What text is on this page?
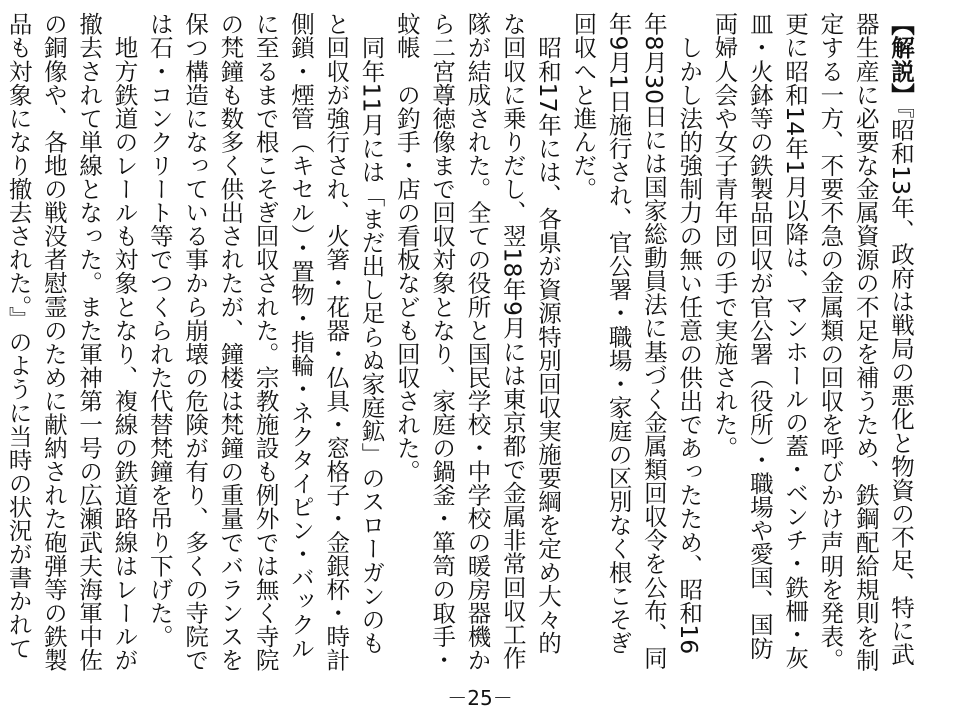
【解説】『昭和13年、政府は戦局の悪化と物資の不足、特に武器生産に必要な金属資源の不足を補うため、鉄鋼配給規則を制定する一方、不要不急の金属類の回収を呼びかけ声明を発表。更に昭和14年1月以降は、マンホールの蓋・ベンチ・鉄柵・灰皿・火鉢等の鉄製品回収が官公署（役所）・職場や愛国、国防両婦人会や女子青年団の手で実施された。

　しかし法的強制力の無い任意の供出であったため、昭和16年8月30日には国家総動員法に基づく金属類回収令を公布、同年9月1日施行され、官公署・職場・家庭の区別なく根こそぎ回収へと進んだ。

　昭和17年には、各県が資源特別回収実施要綱を定め大々的な回収に乗りだし、翌18年9月には東京都で金属非常回収工作隊が結成された。全ての役所と国民学校・中学校の暖房器機から二宮尊徳像まで回収対象となり、家庭の鍋釜・箪笥の取手・蚊帳　の釣手・店の看板なども回収された。

　同年11月には「まだ出し足らぬ家庭鉱」のスローガンのもと回収が強行され、火箸・花器・仏具・窓格子・金銀杯・時計側鎖・煙管（キセル）・置物・指輪・ネクタイピン・バックルに至るまで根こそぎ回収された。宗教施設も例外では無く寺院の梵鐘も数多く供出されたが、鐘楼は梵鐘の重量でバランスを保つ構造になっている事から崩壊の危険が有り、多くの寺院では石・コンクリート等でつくられた代替梵鐘を吊り下げた。

　地方鉄道のレールも対象となり、複線の鉄道路線はレールが撤去されて単線となった。また軍神第一号の広瀬武夫海軍中佐の銅像や、各地の戦没者慰霊のために献納された砲弾等の鉄製品も対象になり撤去された。』のように当時の状況が書かれて

－25－
